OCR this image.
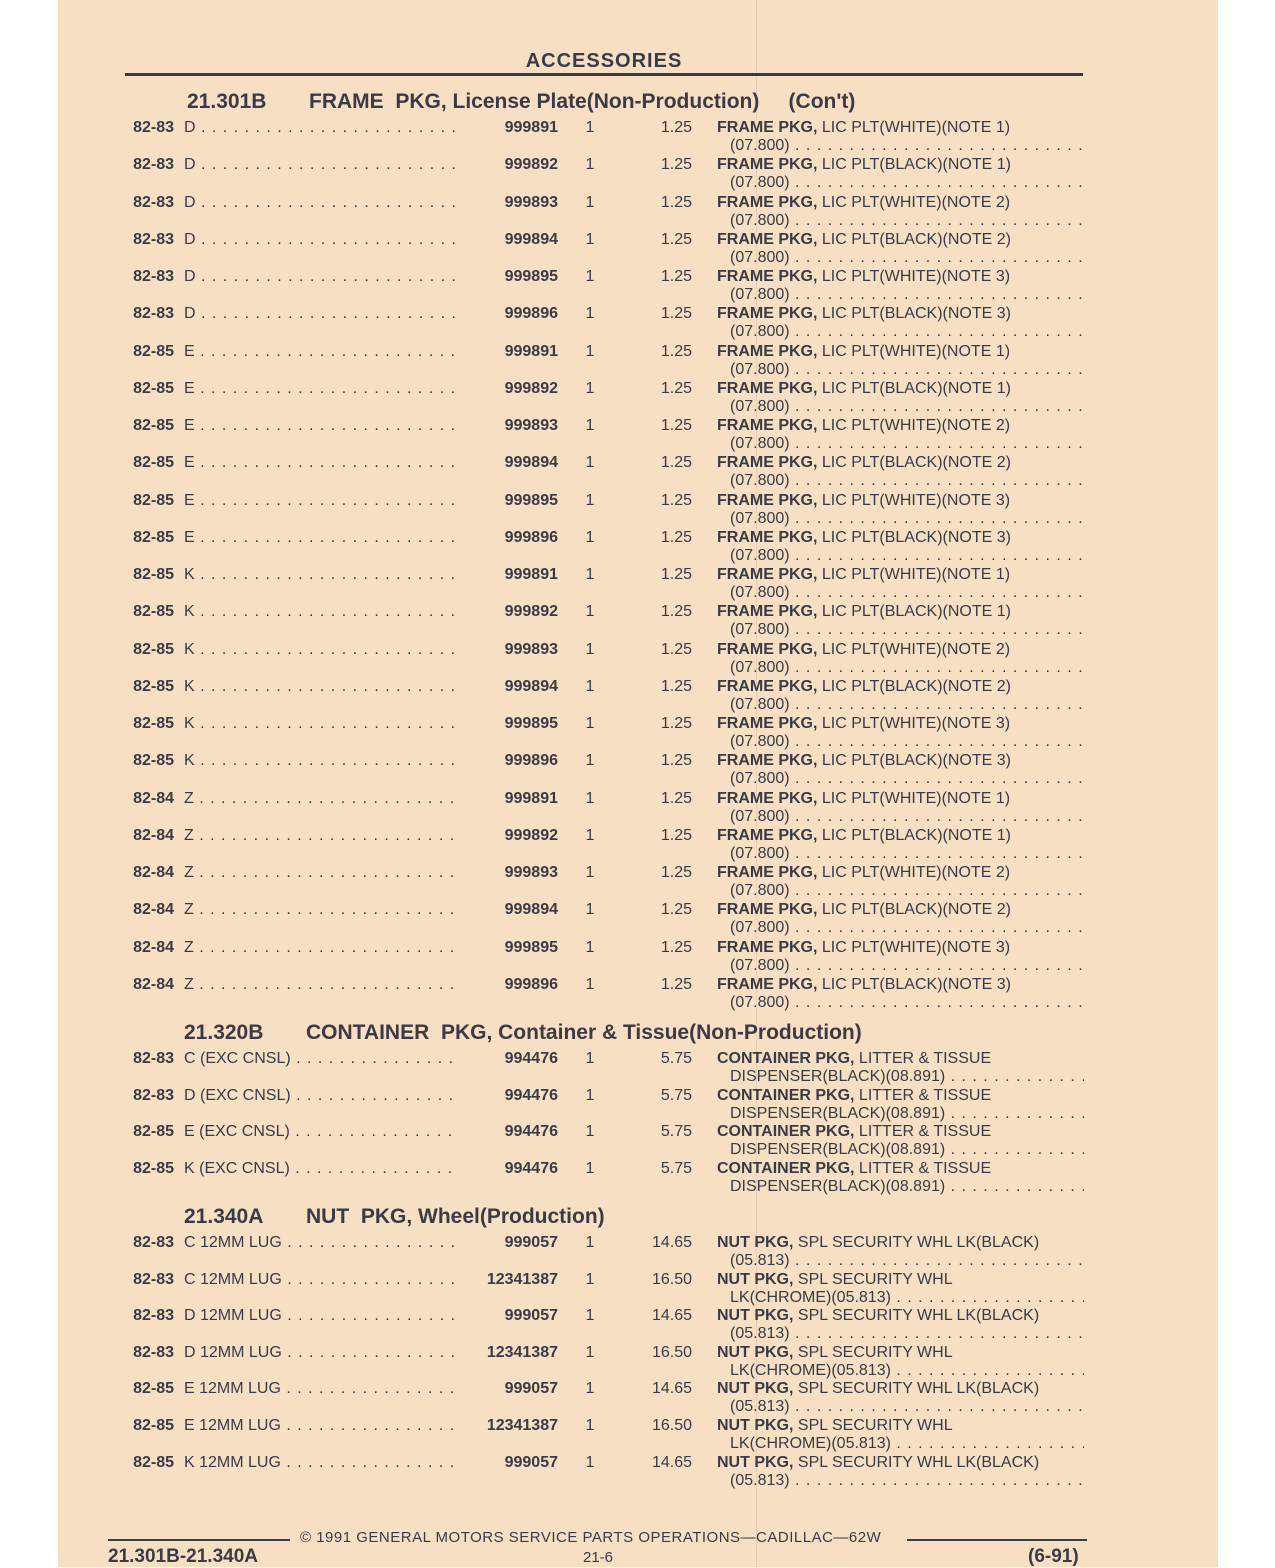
ACCESSORIES
21.301B FRAME  PKG, License Plate(Non-Production)     (Con't)
82-83 D . . .	999891	1	1.25 FRAME PKG, LIC PLT(WHITE)(NOTE 1)
(07.800) . . .
82-83 D . . .	999892	1	1.25 FRAME PKG, LIC PLT(BLACK)(NOTE 1)
(07.800) . . .
82-83 D . . .	999893	1	1.25 FRAME PKG, LIC PLT(WHITE)(NOTE 2)
(07.800) . . .
82-83 D . . .	999894	1	1.25 FRAME PKG, LIC PLT(BLACK)(NOTE 2)
(07.800) . . .
82-83 D . . .	999895	1	1.25 FRAME PKG, LIC PLT(WHITE)(NOTE 3)
(07.800) . . .
82-83 D . . .	999896	1	1.25 FRAME PKG, LIC PLT(BLACK)(NOTE 3)
(07.800) . . .
82-85 E . . .	999891	1	1.25 FRAME PKG, LIC PLT(WHITE)(NOTE 1)
(07.800) . . .
82-85 E . . .	999892	1	1.25 FRAME PKG, LIC PLT(BLACK)(NOTE 1)
(07.800) . . .
82-85 E . . .	999893	1	1.25 FRAME PKG, LIC PLT(WHITE)(NOTE 2)
(07.800) . . .
82-85 E . . .	999894	1	1.25 FRAME PKG, LIC PLT(BLACK)(NOTE 2)
(07.800) . . .
82-85 E . . .	999895	1	1.25 FRAME PKG, LIC PLT(WHITE)(NOTE 3)
(07.800) . . .
82-85 E . . .	999896	1	1.25 FRAME PKG, LIC PLT(BLACK)(NOTE 3)
(07.800) . . .
82-85 K . . .	999891	1	1.25 FRAME PKG, LIC PLT(WHITE)(NOTE 1)
(07.800) . . .
82-85 K . . .	999892	1	1.25 FRAME PKG, LIC PLT(BLACK)(NOTE 1)
(07.800) . . .
82-85 K . . .	999893	1	1.25 FRAME PKG, LIC PLT(WHITE)(NOTE 2)
(07.800) . . .
82-85 K . . .	999894	1	1.25 FRAME PKG, LIC PLT(BLACK)(NOTE 2)
(07.800) . . .
82-85 K . . .	999895	1	1.25 FRAME PKG, LIC PLT(WHITE)(NOTE 3)
(07.800) . . .
82-85 K . . .	999896	1	1.25 FRAME PKG, LIC PLT(BLACK)(NOTE 3)
(07.800) . . .
82-84 Z . . .	999891	1	1.25 FRAME PKG, LIC PLT(WHITE)(NOTE 1)
(07.800) . . .
82-84 Z . . .	999892	1	1.25 FRAME PKG, LIC PLT(BLACK)(NOTE 1)
(07.800) . . .
82-84 Z . . .	999893	1	1.25 FRAME PKG, LIC PLT(WHITE)(NOTE 2)
(07.800) . . .
82-84 Z . . .	999894	1	1.25 FRAME PKG, LIC PLT(BLACK)(NOTE 2)
(07.800) . . .
82-84 Z . . .	999895	1	1.25 FRAME PKG, LIC PLT(WHITE)(NOTE 3)
(07.800) . . .
82-84 Z . . .	999896	1	1.25 FRAME PKG, LIC PLT(BLACK)(NOTE 3)
(07.800) . . .
21.320B CONTAINER  PKG, Container & Tissue(Non-Production)
82-83 C (EXC CNSL) . . .	994476	1	5.75 CONTAINER PKG, LITTER & TISSUE
DISPENSER(BLACK)(08.891) . . .
82-83 D (EXC CNSL) . . .	994476	1	5.75 CONTAINER PKG, LITTER & TISSUE
DISPENSER(BLACK)(08.891) . . .
82-85 E (EXC CNSL) . . .	994476	1	5.75 CONTAINER PKG, LITTER & TISSUE
DISPENSER(BLACK)(08.891) . . .
82-85 K (EXC CNSL) . . .	994476	1	5.75 CONTAINER PKG, LITTER & TISSUE
DISPENSER(BLACK)(08.891) . . .
21.340A NUT  PKG, Wheel(Production)
82-83 C 12MM LUG . . .	999057	1	14.65 NUT PKG, SPL SECURITY WHL LK(BLACK)
(05.813) . . .
82-83 C 12MM LUG . . .	12341387	1	16.50 NUT PKG, SPL SECURITY WHL
LK(CHROME)(05.813) . . .
82-83 D 12MM LUG . . .	999057	1	14.65 NUT PKG, SPL SECURITY WHL LK(BLACK)
(05.813) . . .
82-83 D 12MM LUG . . .	12341387	1	16.50 NUT PKG, SPL SECURITY WHL
LK(CHROME)(05.813) . . .
82-85 E 12MM LUG . . .	999057	1	14.65 NUT PKG, SPL SECURITY WHL LK(BLACK)
(05.813) . . .
82-85 E 12MM LUG . . .	12341387	1	16.50 NUT PKG, SPL SECURITY WHL
LK(CHROME)(05.813) . . .
82-85 K 12MM LUG . . .	999057	1	14.65 NUT PKG, SPL SECURITY WHL LK(BLACK)
(05.813) . . .
© 1991 GENERAL MOTORS SERVICE PARTS OPERATIONS—CADILLAC—62W
21.301B-21.340A	21-6	(6-91)
